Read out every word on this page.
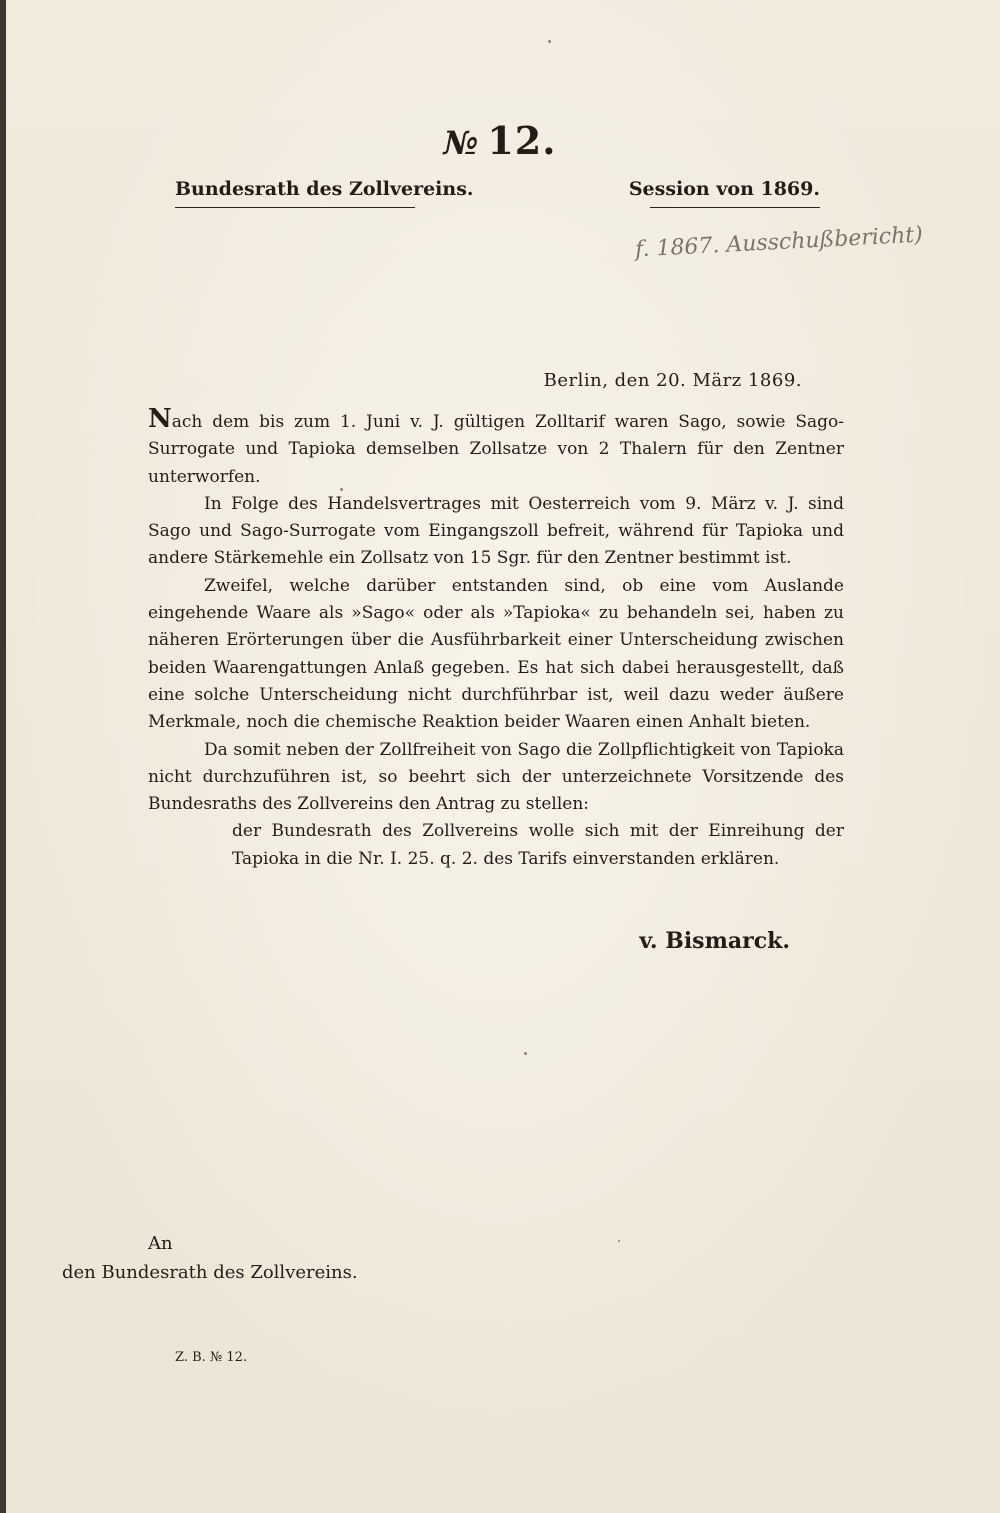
№ 12.
Bundesrath des Zollvereins.	Session von 1869.
f. 1867. Ausschußbericht)
Berlin, den 20. März 1869.

Nach dem bis zum 1. Juni v. J. gültigen Zolltarif waren Sago, sowie Sago-Surrogate und Tapioka demselben Zollsatze von 2 Thalern für den Zentner unterworfen.

In Folge des Handelsvertrages mit Oesterreich vom 9. März v. J. sind Sago und Sago-Surrogate vom Eingangszoll befreit, während für Tapioka und andere Stärkemehle ein Zollsatz von 15 Sgr. für den Zentner bestimmt ist.

Zweifel, welche darüber entstanden sind, ob eine vom Auslande eingehende Waare als »Sago« oder als »Tapioka« zu behandeln sei, haben zu näheren Erörterungen über die Ausführbarkeit einer Unterscheidung zwischen beiden Waarengattungen Anlaß gegeben. Es hat sich dabei herausgestellt, daß eine solche Unterscheidung nicht durchführbar ist, weil dazu weder äußere Merkmale, noch die chemische Reaktion beider Waaren einen Anhalt bieten.

Da somit neben der Zollfreiheit von Sago die Zollpflichtigkeit von Tapioka nicht durchzuführen ist, so beehrt sich der unterzeichnete Vorsitzende des Bundesraths des Zollvereins den Antrag zu stellen:

der Bundesrath des Zollvereins wolle sich mit der Einreihung der Tapioka in die Nr. I. 25. q. 2. des Tarifs einverstanden erklären.

v. Bismarck.
An
den Bundesrath des Zollvereins.
Z. B. № 12.
